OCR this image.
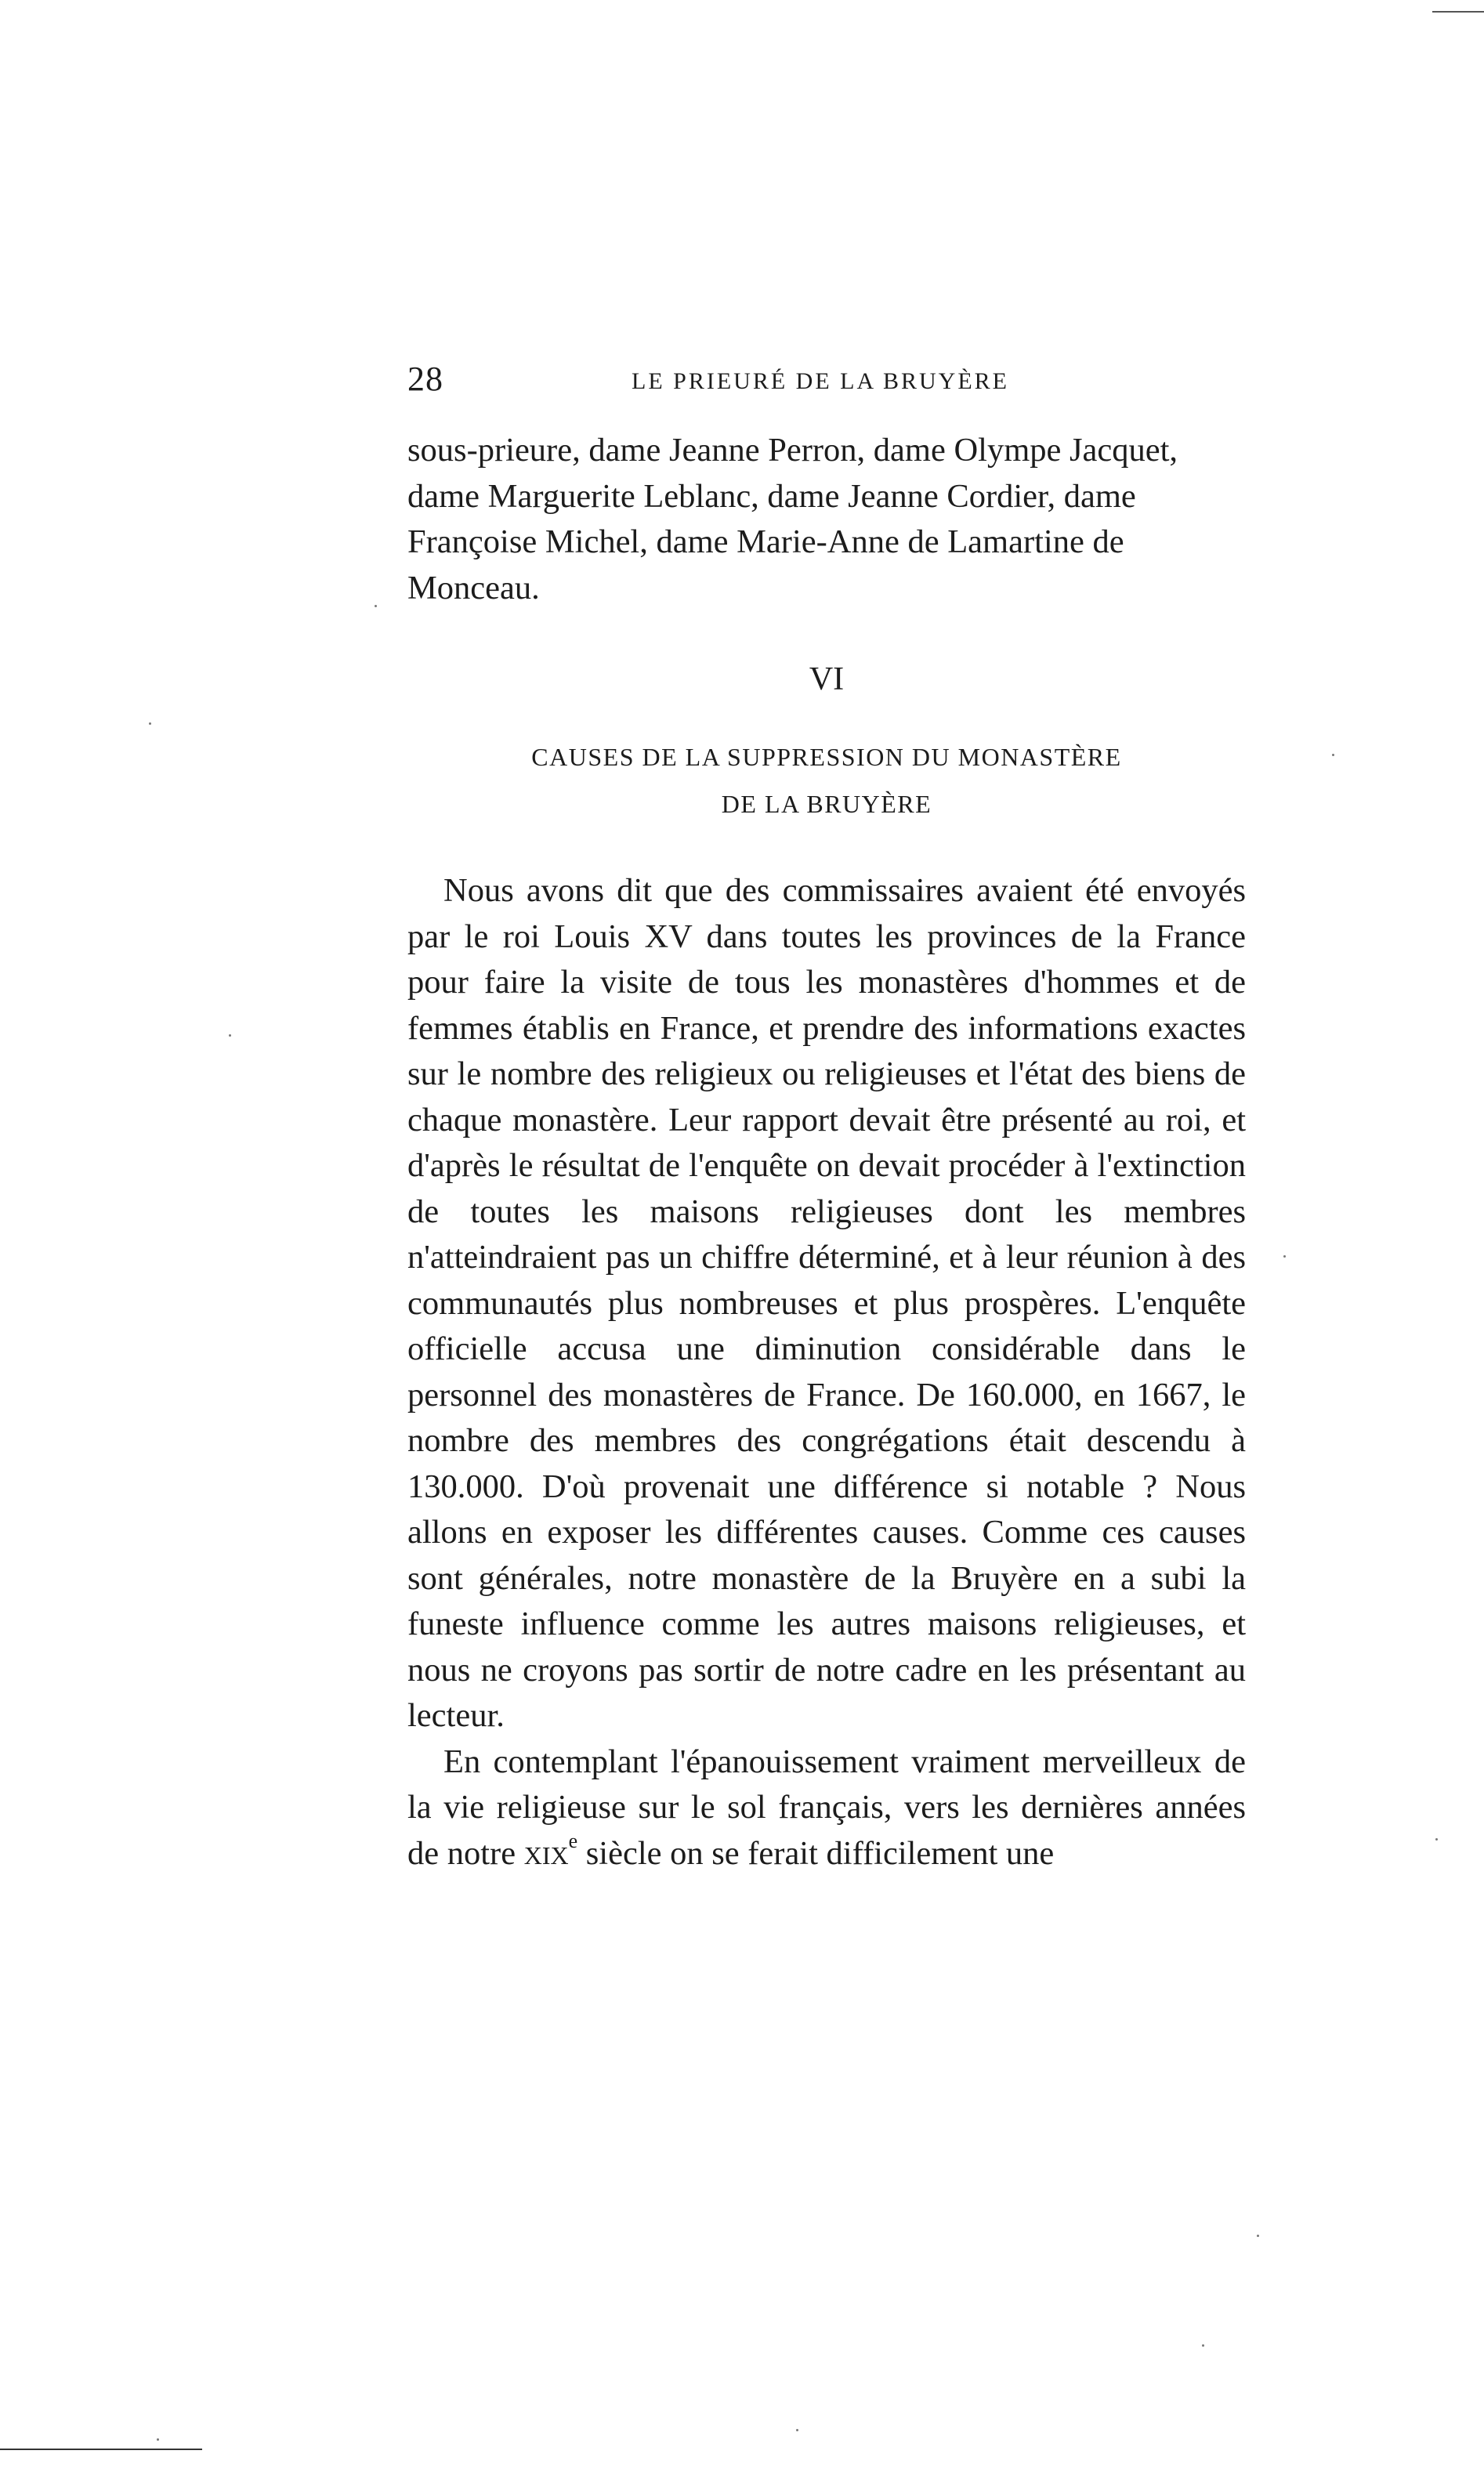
28	LE PRIEURÉ DE LA BRUYÈRE

sous-prieure, dame Jeanne Perron, dame Olympe Jacquet, dame Marguerite Leblanc, dame Jeanne Cordier, dame Françoise Michel, dame Marie-Anne de Lamartine de Monceau.

VI
CAUSES DE LA SUPPRESSION DU MONASTÈRE
DE LA BRUYÈRE

Nous avons dit que des commissaires avaient été envoyés par le roi Louis XV dans toutes les provinces de la France pour faire la visite de tous les monastères d'hommes et de femmes établis en France, et prendre des informations exactes sur le nombre des religieux ou religieuses et l'état des biens de chaque monastère. Leur rapport devait être présenté au roi, et d'après le résultat de l'enquête on devait procéder à l'extinction de toutes les maisons religieuses dont les membres n'atteindraient pas un chiffre déterminé, et à leur réunion à des communautés plus nombreuses et plus prospères. L'enquête officielle accusa une diminution considérable dans le personnel des monastères de France. De 160.000, en 1667, le nombre des membres des congrégations était descendu à 130.000. D'où provenait une différence si notable ? Nous allons en exposer les différentes causes. Comme ces causes sont générales, notre monastère de la Bruyère en a subi la funeste influence comme les autres maisons religieuses, et nous ne croyons pas sortir de notre cadre en les présentant au lecteur.

En contemplant l'épanouissement vraiment merveilleux de la vie religieuse sur le sol français, vers les dernières années de notre XIXe siècle on se ferait difficilement une
